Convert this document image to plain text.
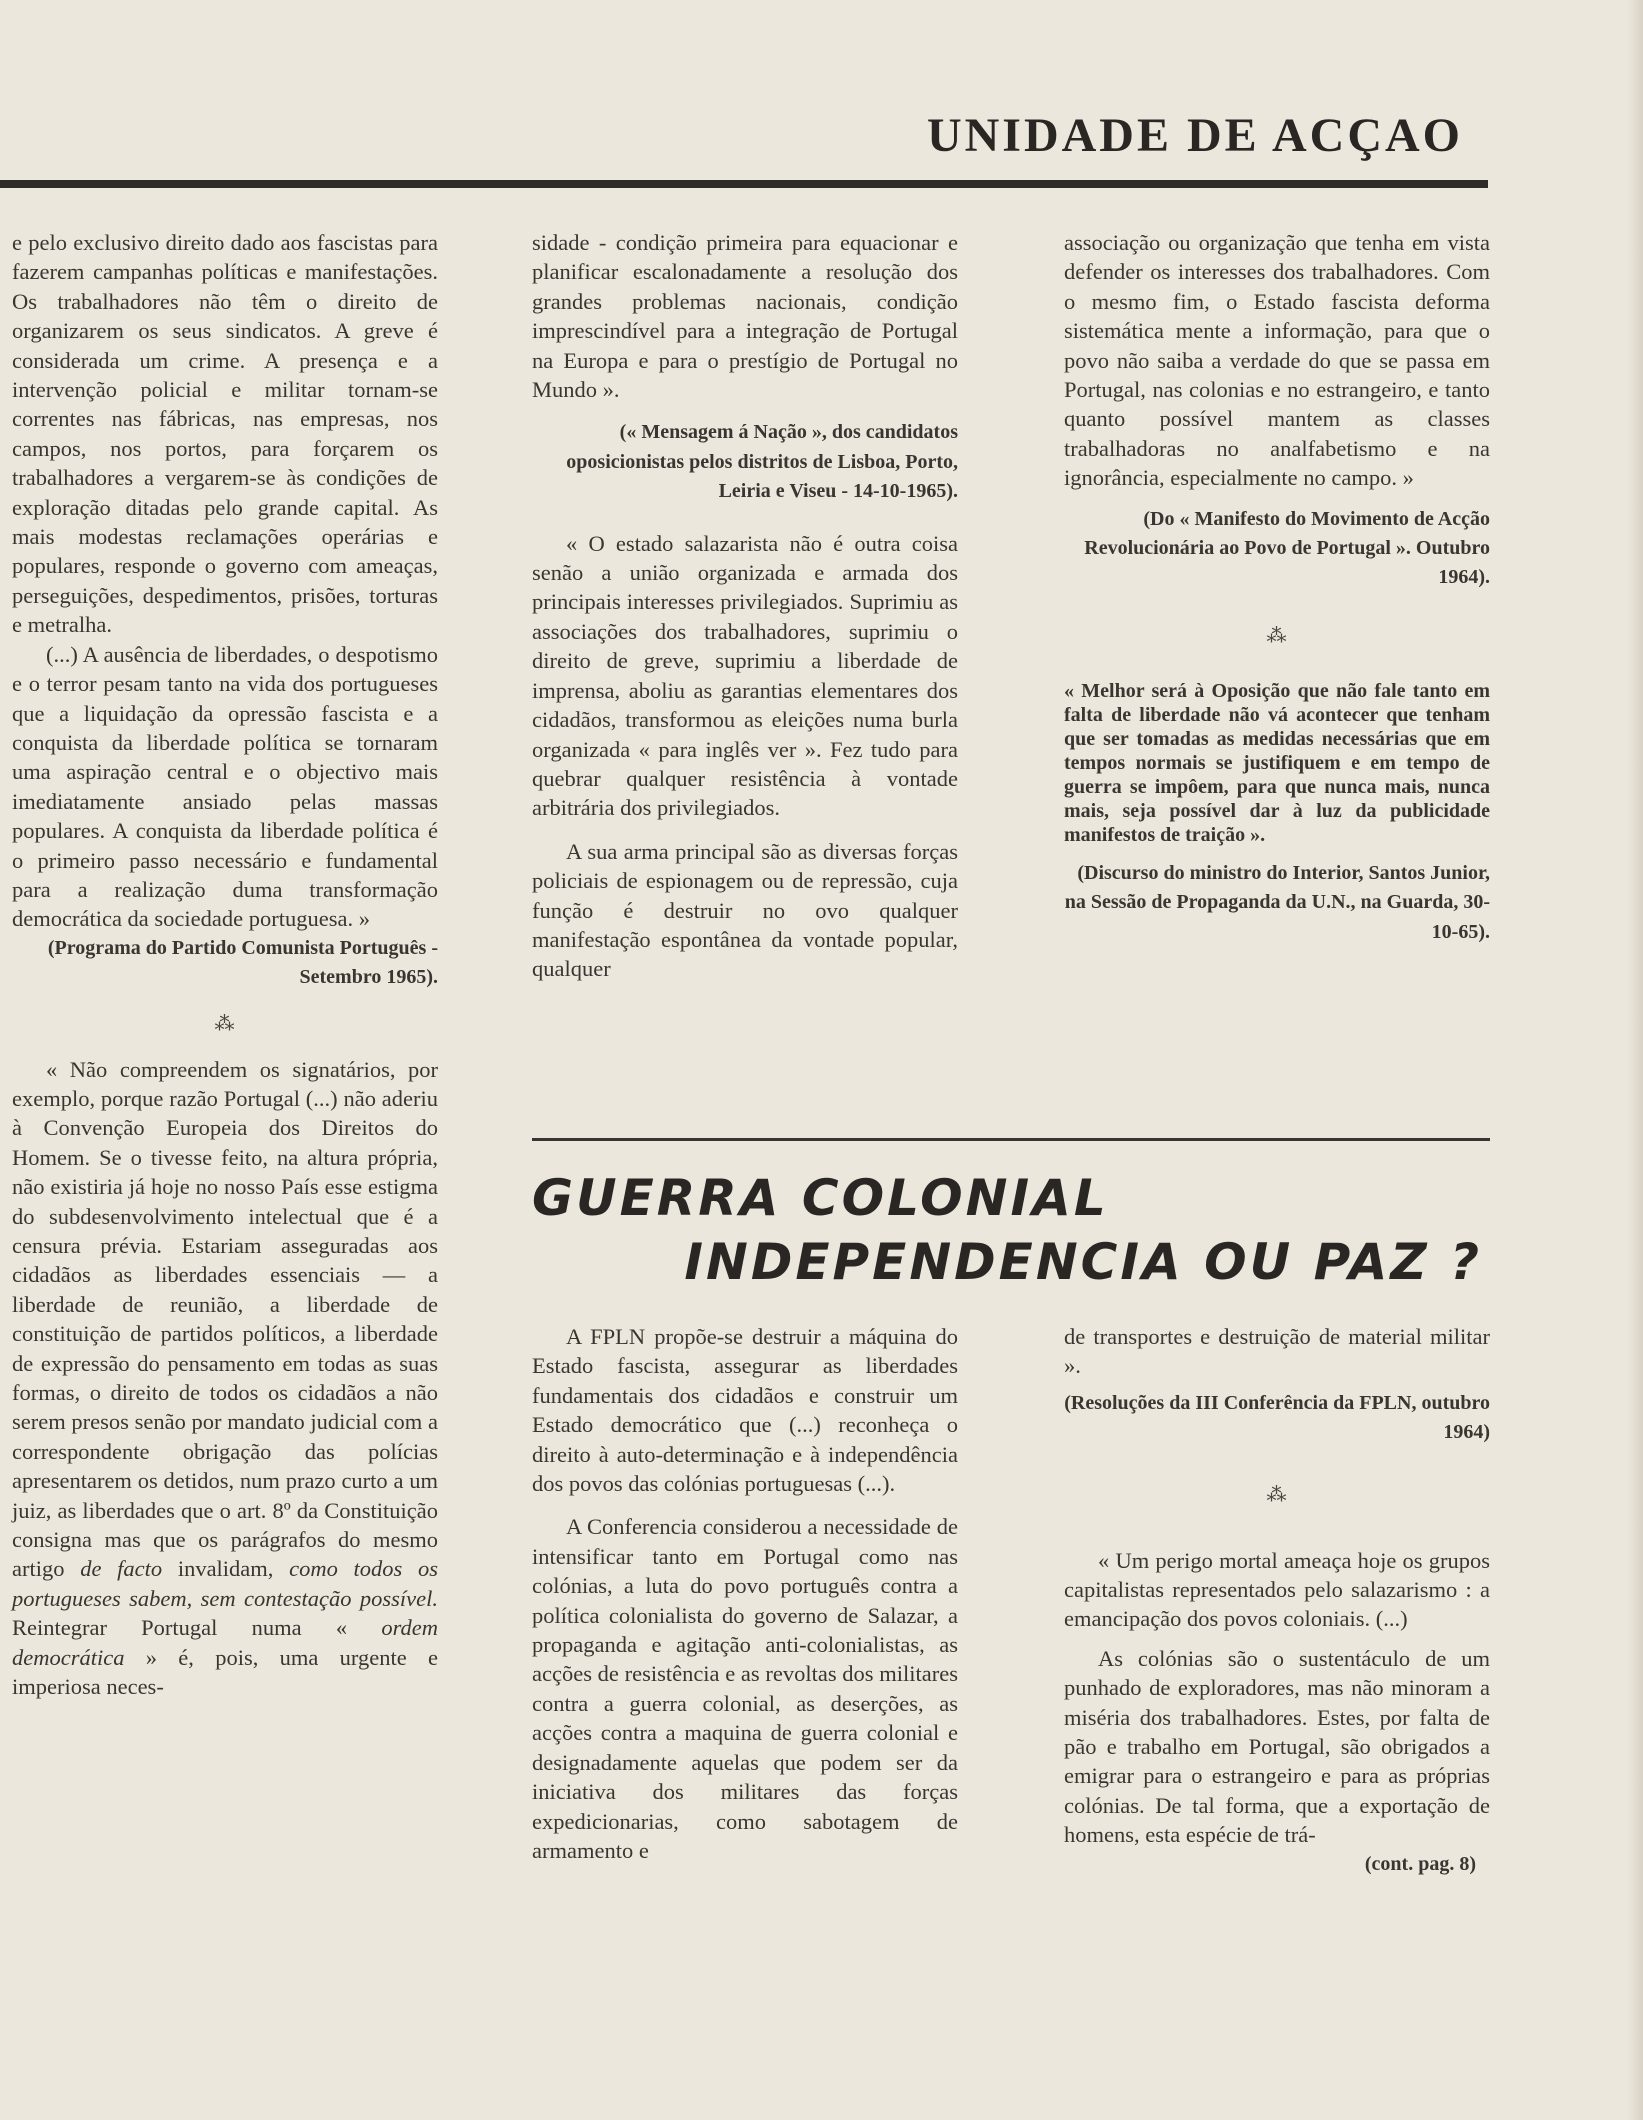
UNIDADE DE ACÇAO

e pelo exclusivo direito dado aos fascistas para fazerem campanhas políticas e manifestações. Os trabalhadores não têm o direito de organizarem os seus sindicatos. A greve é considerada um crime. A presença e a intervenção policial e militar tornam-se correntes nas fábricas, nas empresas, nos campos, nos portos, para forçarem os trabalhadores a vergarem-se às condições de exploração ditadas pelo grande capital. As mais modestas reclamações operárias e populares, responde o governo com ameaças, perseguições, despedimentos, prisões, torturas e metralha.

(...) A ausência de liberdades, o despotismo e o terror pesam tanto na vida dos portugueses que a liquidação da opressão fascista e a conquista da liberdade política se tornaram uma aspiração central e o objectivo mais imediatamente ansiado pelas massas populares. A conquista da liberdade política é o primeiro passo necessário e fundamental para a realização duma transformação democrática da sociedade portuguesa. »

(Programa do Partido Comunista Português - Setembro 1965).

⁂

« Não compreendem os signatários, por exemplo, porque razão Portugal (...) não aderiu à Convenção Europeia dos Direitos do Homem. Se o tivesse feito, na altura própria, não existiria já hoje no nosso País esse estigma do subdesenvolvimento intelectual que é a censura prévia. Estariam asseguradas aos cidadãos as liberdades essenciais — a liberdade de reunião, a liberdade de constituição de partidos políticos, a liberdade de expressão do pensamento em todas as suas formas, o direito de todos os cidadãos a não serem presos senão por mandato judicial com a correspondente obrigação das polícias apresentarem os detidos, num prazo curto a um juiz, as liberdades que o art. 8º da Constituição consigna mas que os parágrafos do mesmo artigo de facto invalidam, como todos os portugueses sabem, sem contestação possível. Reintegrar Portugal numa « ordem democrática » é, pois, uma urgente e imperiosa neces-

sidade - condição primeira para equacionar e planificar escalonadamente a resolução dos grandes problemas nacionais, condição imprescindível para a integração de Portugal na Europa e para o prestígio de Portugal no Mundo ».

(« Mensagem á Nação », dos candidatos oposicionistas pelos distritos de Lisboa, Porto, Leiria e Viseu - 14-10-1965).

« O estado salazarista não é outra coisa senão a união organizada e armada dos principais interesses privilegiados. Suprimiu as associações dos trabalhadores, suprimiu o direito de greve, suprimiu a liberdade de imprensa, aboliu as garantias elementares dos cidadãos, transformou as eleições numa burla organizada « para inglês ver ». Fez tudo para quebrar qualquer resistência à vontade arbitrária dos privilegiados.

A sua arma principal são as diversas forças policiais de espionagem ou de repressão, cuja função é destruir no ovo qualquer manifestação espontânea da vontade popular, qualquer

associação ou organização que tenha em vista defender os interesses dos trabalhadores. Com o mesmo fim, o Estado fascista deforma sistemática mente a informação, para que o povo não saiba a verdade do que se passa em Portugal, nas colonias e no estrangeiro, e tanto quanto possível mantem as classes trabalhadoras no analfabetismo e na ignorância, especialmente no campo. »

(Do « Manifesto do Movimento de Acção Revolucionária ao Povo de Portugal ». Outubro 1964).

⁂

« Melhor será à Oposição que não fale tanto em falta de liberdade não vá acontecer que tenham que ser tomadas as medidas necessárias que em tempos normais se justifiquem e em tempo de guerra se impôem, para que nunca mais, nunca mais, seja possível dar à luz da publicidade manifestos de traição ».

(Discurso do ministro do Interior, Santos Junior, na Sessão de Propaganda da U.N., na Guarda, 30-10-65).

GUERRA COLONIAL
INDEPENDENCIA OU PAZ ?

A FPLN propõe-se destruir a máquina do Estado fascista, assegurar as liberdades fundamentais dos cidadãos e construir um Estado democrático que (...) reconheça o direito à auto-determinação e à independência dos povos das colónias portuguesas (...).

A Conferencia considerou a necessidade de intensificar tanto em Portugal como nas colónias, a luta do povo português contra a política colonialista do governo de Salazar, a propaganda e agitação anti-colonialistas, as acções de resistência e as revoltas dos militares contra a guerra colonial, as deserções, as acções contra a maquina de guerra colonial e designadamente aquelas que podem ser da iniciativa dos militares das forças expedicionarias, como sabotagem de armamento e

de transportes e destruição de material militar ».

(Resoluções da III Conferência da FPLN, outubro 1964)

⁂

« Um perigo mortal ameaça hoje os grupos capitalistas representados pelo salazarismo : a emancipação dos povos coloniais. (...)

As colónias são o sustentáculo de um punhado de exploradores, mas não minoram a miséria dos trabalhadores. Estes, por falta de pão e trabalho em Portugal, são obrigados a emigrar para o estrangeiro e para as próprias colónias. De tal forma, que a exportação de homens, esta espécie de trá-

(cont. pag. 8)
